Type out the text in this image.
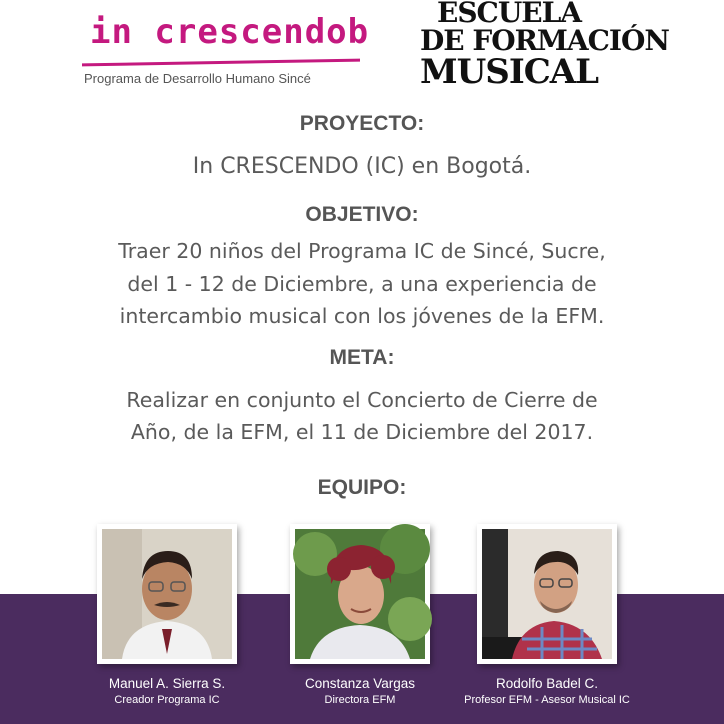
in crescendob
Programa de Desarrollo Humano Sincé
ESCUELA
DE FORMACIÓN
MUSICAL
PROYECTO:
In CRESCENDO (IC) en Bogotá.
OBJETIVO:
Traer 20 niños del Programa IC de Sincé, Sucre,
del 1 - 12 de Diciembre, a una experiencia de
intercambio musical con los jóvenes de la EFM.
META:
Realizar en conjunto el Concierto de Cierre de
Año, de la EFM, el 11 de Diciembre del 2017.
EQUIPO:
Manuel A. Sierra S.
Creador Programa IC
Constanza Vargas
Directora EFM
Rodolfo Badel C.
Profesor EFM - Asesor Musical IC
